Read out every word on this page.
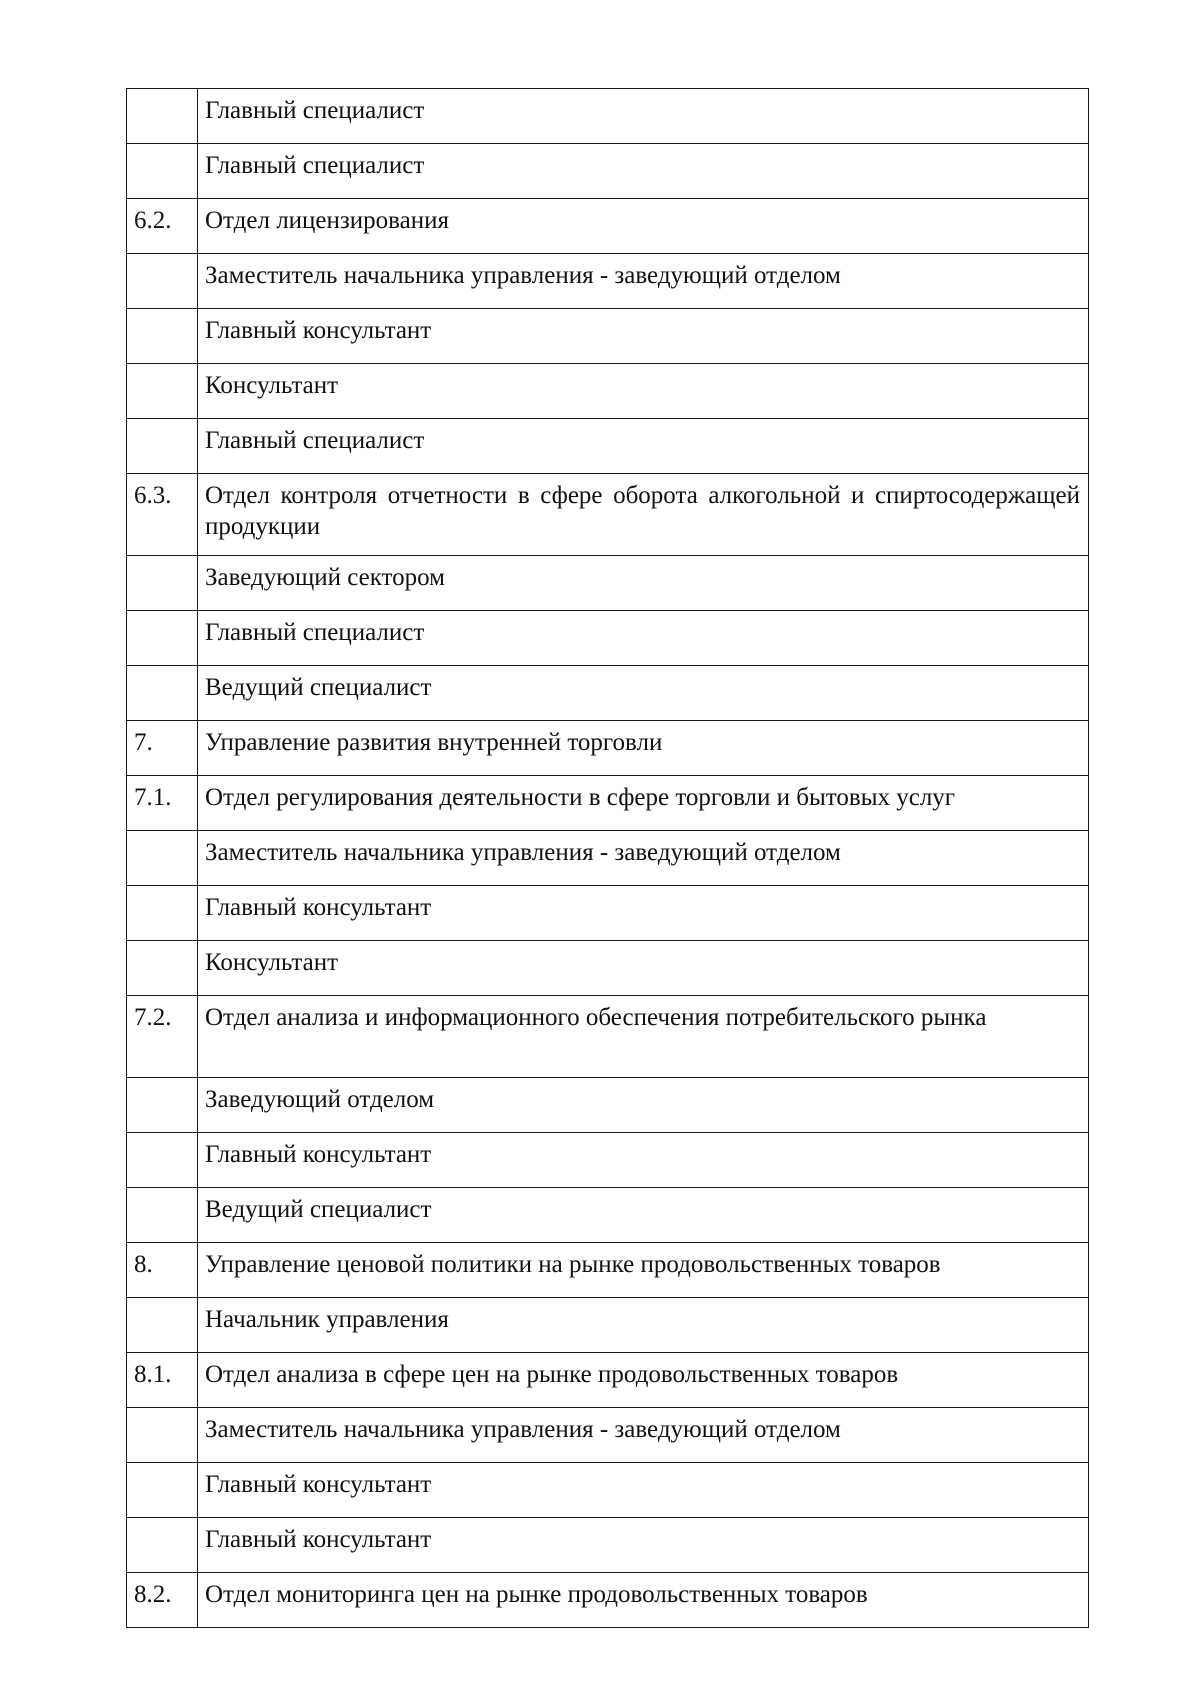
	Главный специалист

	Главный специалист

6.2.	Отдел лицензирования

	Заместитель начальника управления - заведующий отделом

	Главный консультант

	Консультант

	Главный специалист

6.3.	Отдел контроля отчетности в сфере оборота алкогольной и спиртосодержащей продукции

	Заведующий сектором

	Главный специалист

	Ведущий специалист

7.	Управление развития внутренней торговли

7.1.	Отдел регулирования деятельности в сфере торговли и бытовых услуг

	Заместитель начальника управления - заведующий отделом

	Главный консультант

	Консультант

7.2.	Отдел анализа и информационного обеспечения потребительского рынка

	Заведующий отделом

	Главный консультант

	Ведущий специалист

8.	Управление ценовой политики на рынке продовольственных товаров

	Начальник управления

8.1.	Отдел анализа в сфере цен на рынке продовольственных товаров

	Заместитель начальника управления - заведующий отделом

	Главный консультант

	Главный консультант

8.2.	Отдел мониторинга цен на рынке продовольственных товаров
